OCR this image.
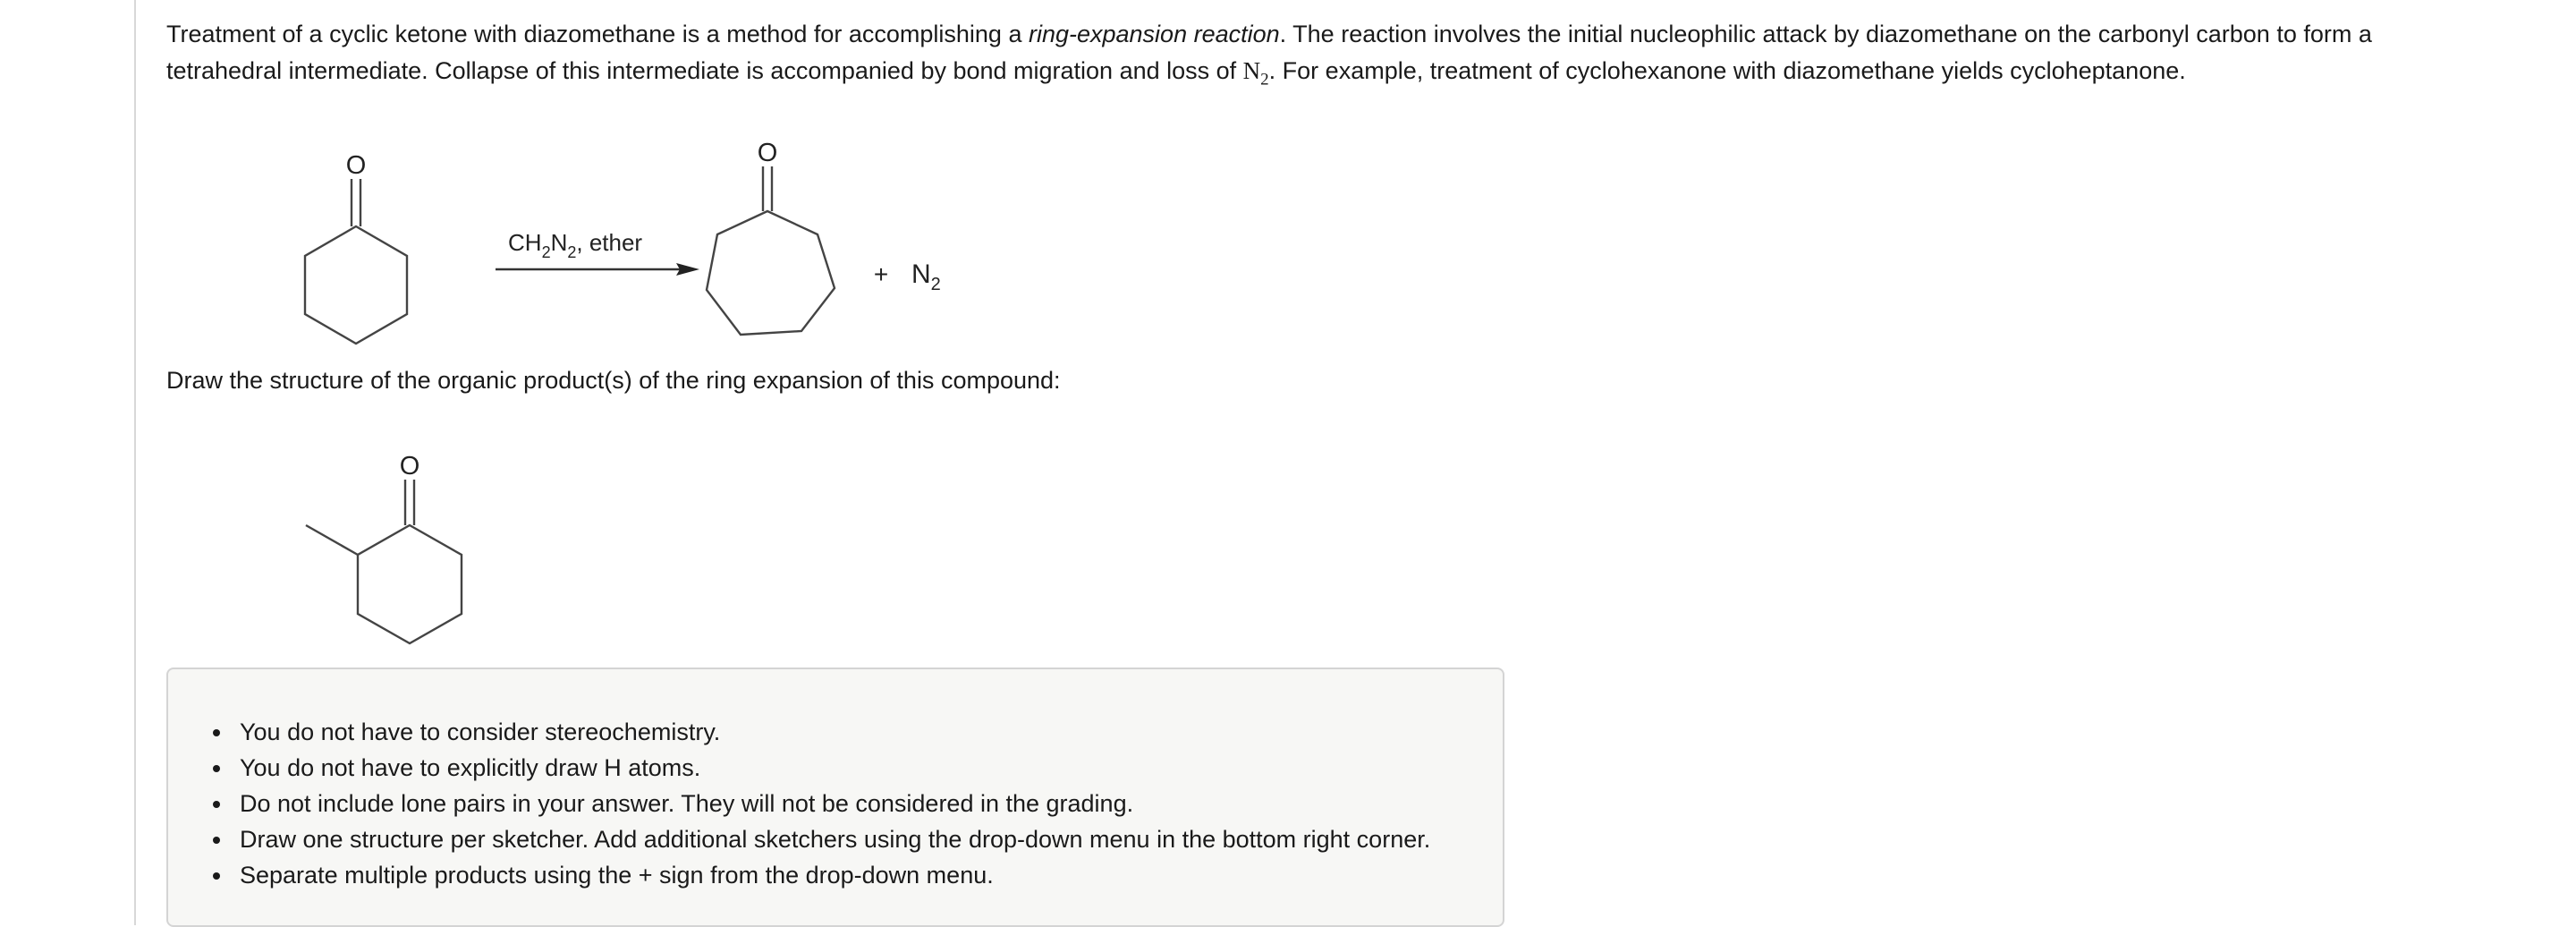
Treatment of a cyclic ketone with diazomethane is a method for accomplishing a ring-expansion reaction. The reaction involves the initial nucleophilic attack by diazomethane on the carbonyl carbon to form a tetrahedral intermediate. Collapse of this intermediate is accompanied by bond migration and loss of $N_2$. For example, treatment of cyclohexanone with diazomethane yields cycloheptanone.

O
$CH_2N_2$, ether
O
+ $N_2$

Draw the structure of the organic product(s) of the ring expansion of this compound:

O
You do not have to consider stereochemistry.
You do not have to explicitly draw H atoms.
Do not include lone pairs in your answer. They will not be considered in the grading.
Draw one structure per sketcher. Add additional sketchers using the drop-down menu in the bottom right corner.
Separate multiple products using the + sign from the drop-down menu.
